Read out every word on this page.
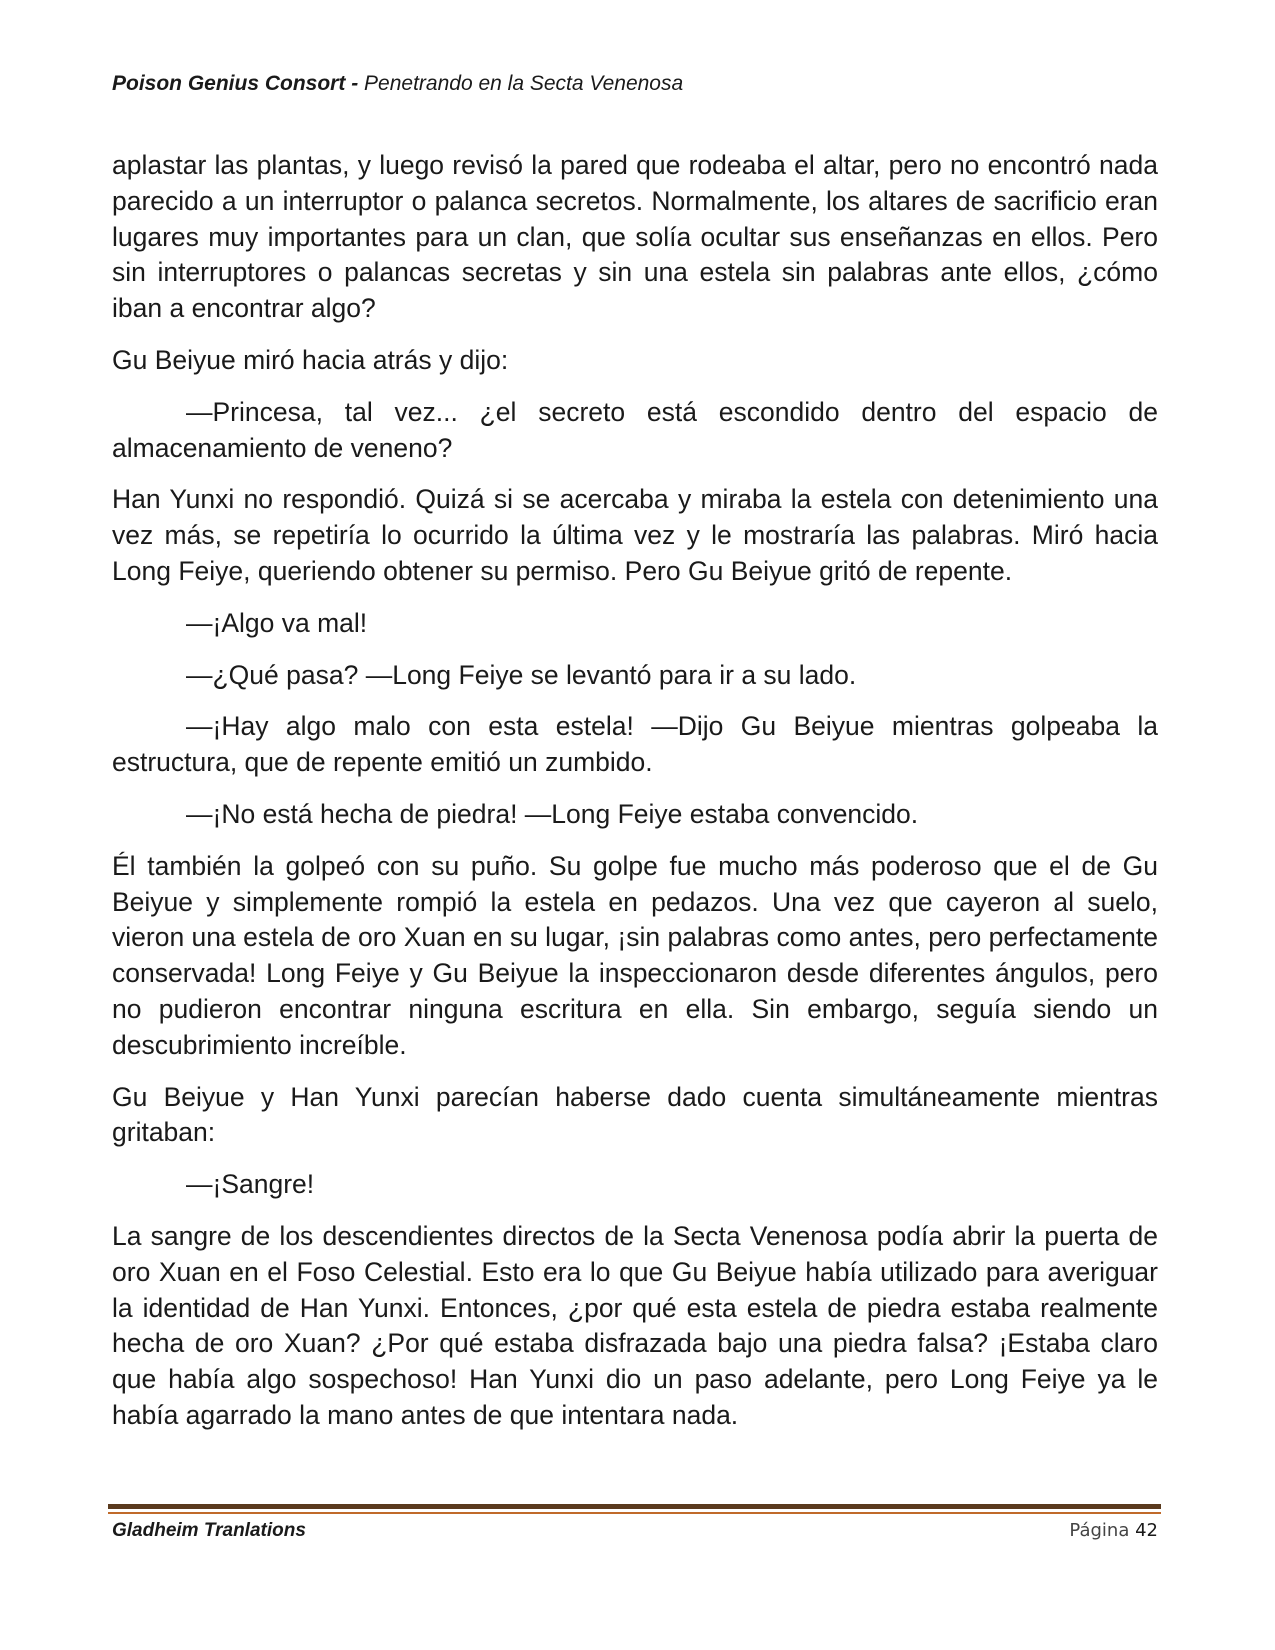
Poison Genius Consort - Penetrando en la Secta Venenosa

aplastar las plantas, y luego revisó la pared que rodeaba el altar, pero no encontró nada parecido a un interruptor o palanca secretos. Normalmente, los altares de sacrificio eran lugares muy importantes para un clan, que solía ocultar sus enseñanzas en ellos. Pero sin interruptores o palancas secretas y sin una estela sin palabras ante ellos, ¿cómo iban a encontrar algo?

Gu Beiyue miró hacia atrás y dijo:

—Princesa, tal vez... ¿el secreto está escondido dentro del espacio de almacenamiento de veneno?

Han Yunxi no respondió. Quizá si se acercaba y miraba la estela con detenimiento una vez más, se repetiría lo ocurrido la última vez y le mostraría las palabras. Miró hacia Long Feiye, queriendo obtener su permiso. Pero Gu Beiyue gritó de repente.

—¡Algo va mal!

—¿Qué pasa? —Long Feiye se levantó para ir a su lado.

—¡Hay algo malo con esta estela! —Dijo Gu Beiyue mientras golpeaba la estructura, que de repente emitió un zumbido.

—¡No está hecha de piedra! —Long Feiye estaba convencido.

Él también la golpeó con su puño. Su golpe fue mucho más poderoso que el de Gu Beiyue y simplemente rompió la estela en pedazos. Una vez que cayeron al suelo, vieron una estela de oro Xuan en su lugar, ¡sin palabras como antes, pero perfectamente conservada! Long Feiye y Gu Beiyue la inspeccionaron desde diferentes ángulos, pero no pudieron encontrar ninguna escritura en ella. Sin embargo, seguía siendo un descubrimiento increíble.

Gu Beiyue y Han Yunxi parecían haberse dado cuenta simultáneamente mientras gritaban:

—¡Sangre!

La sangre de los descendientes directos de la Secta Venenosa podía abrir la puerta de oro Xuan en el Foso Celestial. Esto era lo que Gu Beiyue había utilizado para averiguar la identidad de Han Yunxi. Entonces, ¿por qué esta estela de piedra estaba realmente hecha de oro Xuan? ¿Por qué estaba disfrazada bajo una piedra falsa? ¡Estaba claro que había algo sospechoso! Han Yunxi dio un paso adelante, pero Long Feiye ya le había agarrado la mano antes de que intentara nada.

Gladheim Tranlations	Página 42
